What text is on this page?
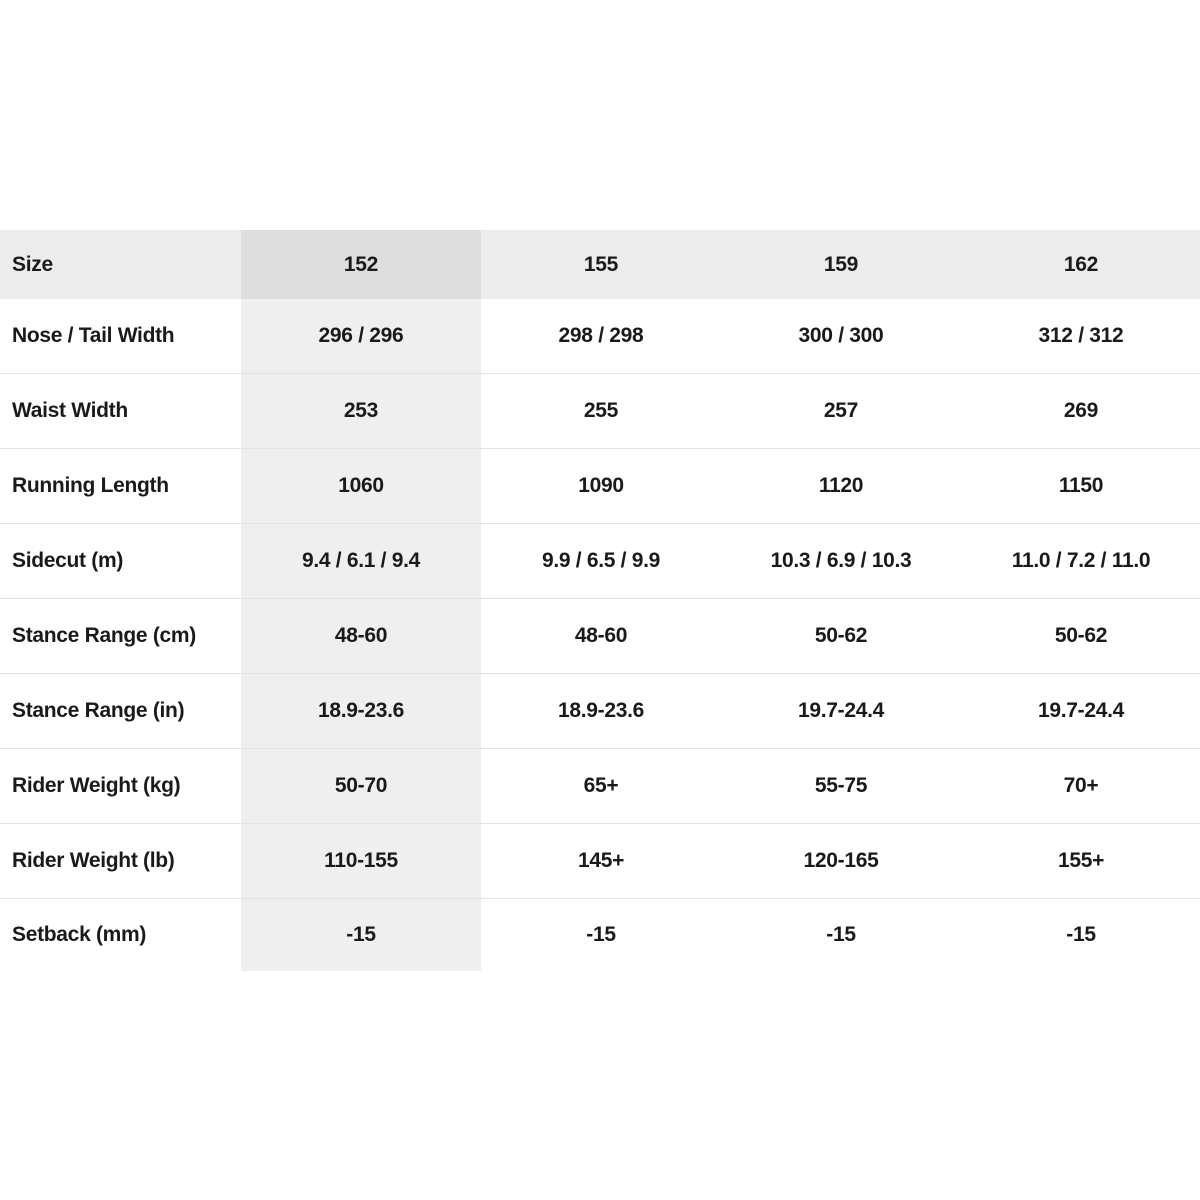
Size	152	155	159	162
Nose / Tail Width	296 / 296	298 / 298	300 / 300	312 / 312
Waist Width	253	255	257	269
Running Length	1060	1090	1120	1150
Sidecut (m)	9.4 / 6.1 / 9.4	9.9 / 6.5 / 9.9	10.3 / 6.9 / 10.3	11.0 / 7.2 / 11.0
Stance Range (cm)	48-60	48-60	50-62	50-62
Stance Range (in)	18.9-23.6	18.9-23.6	19.7-24.4	19.7-24.4
Rider Weight (kg)	50-70	65+	55-75	70+
Rider Weight (lb)	110-155	145+	120-165	155+
Setback (mm)	-15	-15	-15	-15
